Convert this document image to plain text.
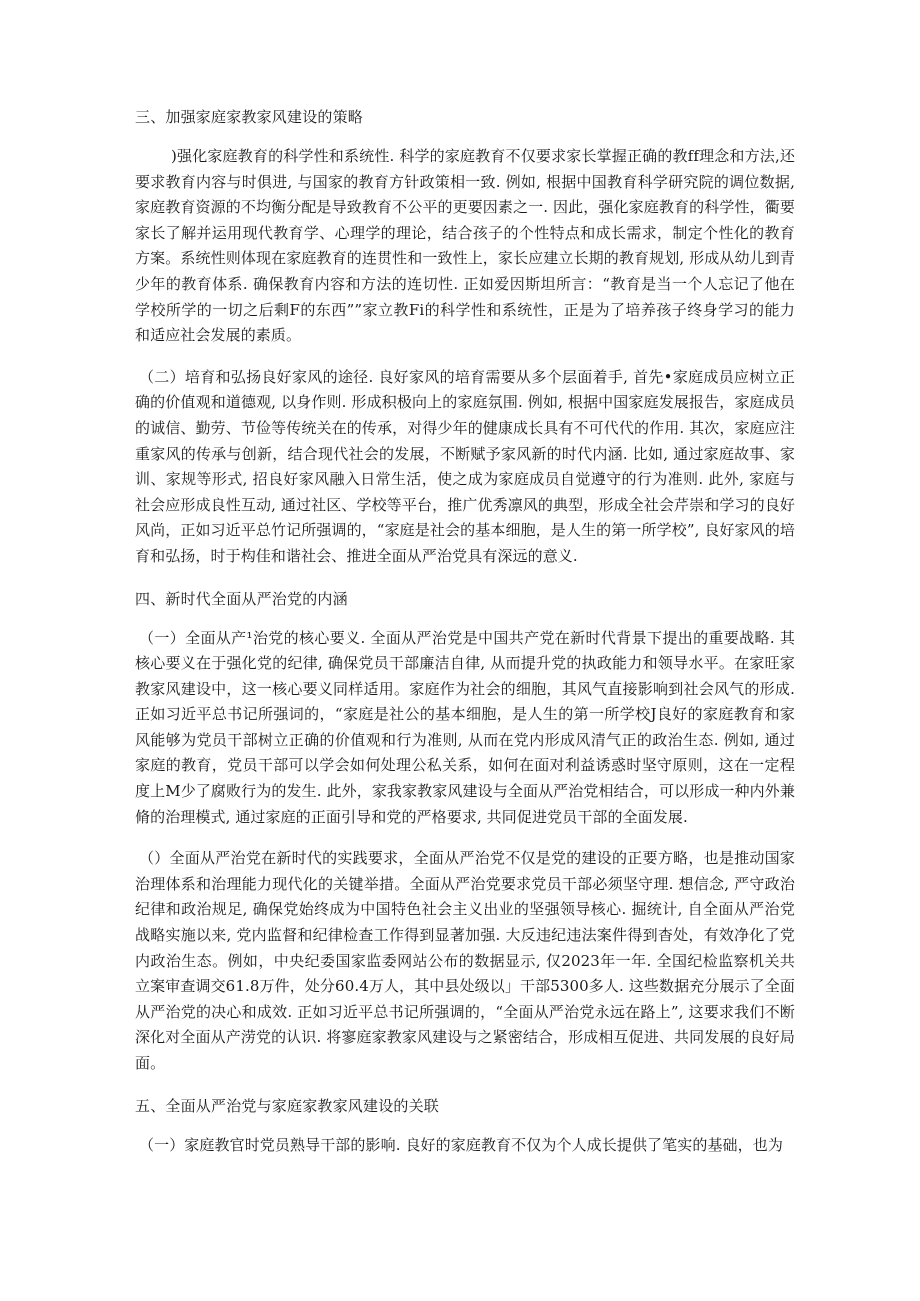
三、加强家庭家教家风建设的策略

)强化家庭教育的科学性和系统性. 科学的家庭教育不仅要求家长掌握正确的教ff理念和方法,还要求教育内容与时俱进, 与国家的教育方针政策相一致. 例如, 根据中国教育科学研究院的调位数据, 家庭教育资源的不均衡分配是导致教育不公平的更要因素之一. 因此，强化家庭教育的科学性，衢要家长了解并运用现代教育学、心理学的理论，结合孩子的个性特点和成长需求，制定个性化的教育方案。系统性则体现在家庭教育的连贯性和一致性上，家长应建立长期的教育规划, 形成从幼儿到青少年的教育体系. 确保教育内容和方法的连切性. 正如爱因斯坦所言：“教育是当一个人忘记了他在学校所学的一切之后剩F的东西””家立教Fi的科学性和系统性，正是为了培养孩子终身学习的能力和适应社会发展的素质。

（二）培育和弘扬良好家风的途径. 良好家风的培育需要从多个层面着手, 首先•家庭成员应树立正确的价值观和道德观, 以身作则. 形成积极向上的家庭氛围. 例如, 根据中国家庭发展报告，家庭成员的诚信、勤劳、节俭等传统关在的传承，对得少年的健康成长具有不可代代的作用. 其次，家庭应注重家风的传承与创新，结合现代社会的发展，不断赋予家风新的时代内涵. 比如, 通过家庭故事、家训、家规等形式, 招良好家风融入日常生活，使之成为家庭成员自觉遵守的行为准则. 此外, 家庭与社会应形成良性互动, 通过社区、学校等平台，推广优秀凛风的典型，形成全社会芹崇和学习的良好风尚，正如习近平总竹记所强调的，“家庭是社会的基本细胞，是人生的第一所学校”, 良好家风的培育和弘扬，时于构佳和谐社会、推进全面从严治党具有深远的意义.

四、新时代全面从严治党的内涵

（一）全面从产¹治党的核心要义. 全面从严治党是中国共产党在新时代背景下提出的重要战略. 其核心要义在于强化党的纪律, 确保党员干部廉洁自律, 从而提升党的执政能力和领导水平。在家旺家教家风建设中，这一核心要义同样适用。家庭作为社会的细胞，其风气直接影响到社会风气的形成. 正如习近平总书记所强词的，“家庭是社公的基本细胞，是人生的第一所学校J良好的家庭教育和家风能够为党员干部树立正确的价值观和行为准则, 从而在党内形成风清气正的政治生态. 例如, 通过家庭的教育，党员干部可以学会如何处理公私关系，如何在面对利益诱惑时坚守原则，这在一定程度上M少了腐败行为的发生. 此外，家我家教家风建设与全面从严治党相结合，可以形成一种内外兼脩的治理模式, 通过家庭的正面引导和党的严格要求, 共同促进党员干部的全面发展.

（）全面从严治党在新时代的实践要求，全面从严治党不仅是党的建设的正要方略，也是推动国家治理体系和治理能力现代化的关键举措。全面从严治党要求党员干部必须坚守理. 想信念, 严守政治纪律和政治规足, 确保党始终成为中国特色社会主义出业的坚强领导核心. 掘统计, 自全面从严治党战略实施以来, 党内监督和纪律检查工作得到显著加强. 大反违纪违法案件得到杳处，有效净化了党内政治生态。例如，中央纪委国家监委网站公布的数据显示, 仅2023年一年. 全国纪检监察机关共立案审查调交61.8万件，处分60.4万人，其中县处级以」干部5300多人. 这些数据充分展示了全面从严治党的决心和成效. 正如习近平总书记所强调的，“全面从严治党永远在路上”, 这要求我们不断深化对全面从产涝党的认识. 将寥庭家教家风建设与之紧密结合，形成相互促进、共同发展的良好局面。

五、全面从严治党与家庭家教家风建设的关联

（一）家庭教官时党员熟导干部的影响. 良好的家庭教育不仅为个人成长提供了笔实的基础，也为
